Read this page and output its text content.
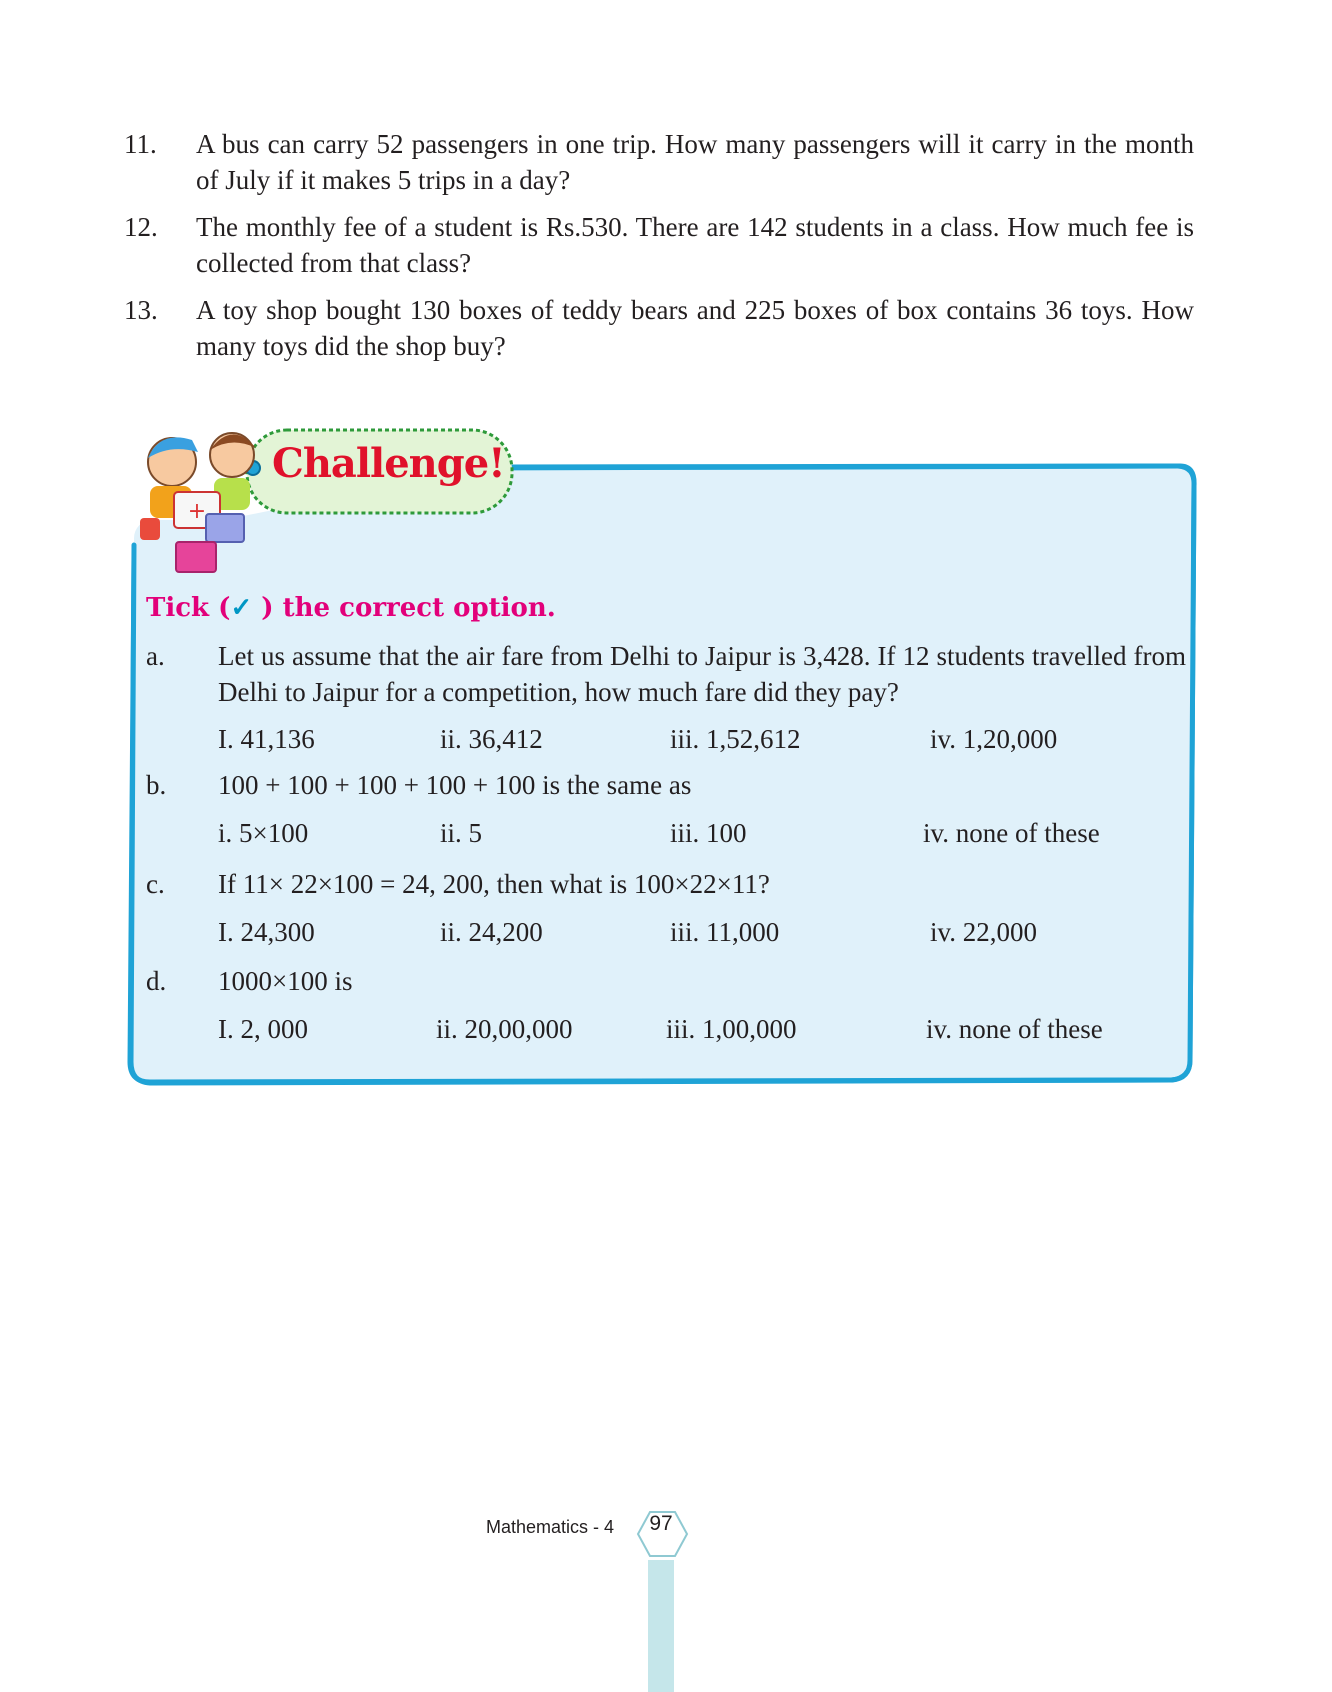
11. A bus can carry 52 passengers in one trip. How many passengers will it carry in the month of July if it makes 5 trips in a day?
12. The monthly fee of a student is Rs.530. There are 142 students in a class. How much fee is collected from that class?
13. A toy shop bought 130 boxes of teddy bears and 225 boxes of box contains 36 toys. How many toys did the shop buy?
+
Challenge!
Tick (✓ ) the correct option.
a. Let us assume that the air fare from Delhi to Jaipur is 3,428. If 12 students travelled from Delhi to Jaipur for a competition, how much fare did they pay?
I. 41,136	ii. 36,412	iii. 1,52,612	iv. 1,20,000
b. 100 + 100 + 100 + 100 + 100 is the same as
i. 5×100	ii. 5	iii. 100	iv. none of these
c. If 11× 22×100 = 24, 200, then what is 100×22×11?
I. 24,300	ii. 24,200	iii. 11,000	iv. 22,000
d. 1000×100 is
I. 2, 000	ii. 20,00,000	iii. 1,00,000	iv. none of these
Mathematics - 4	97
